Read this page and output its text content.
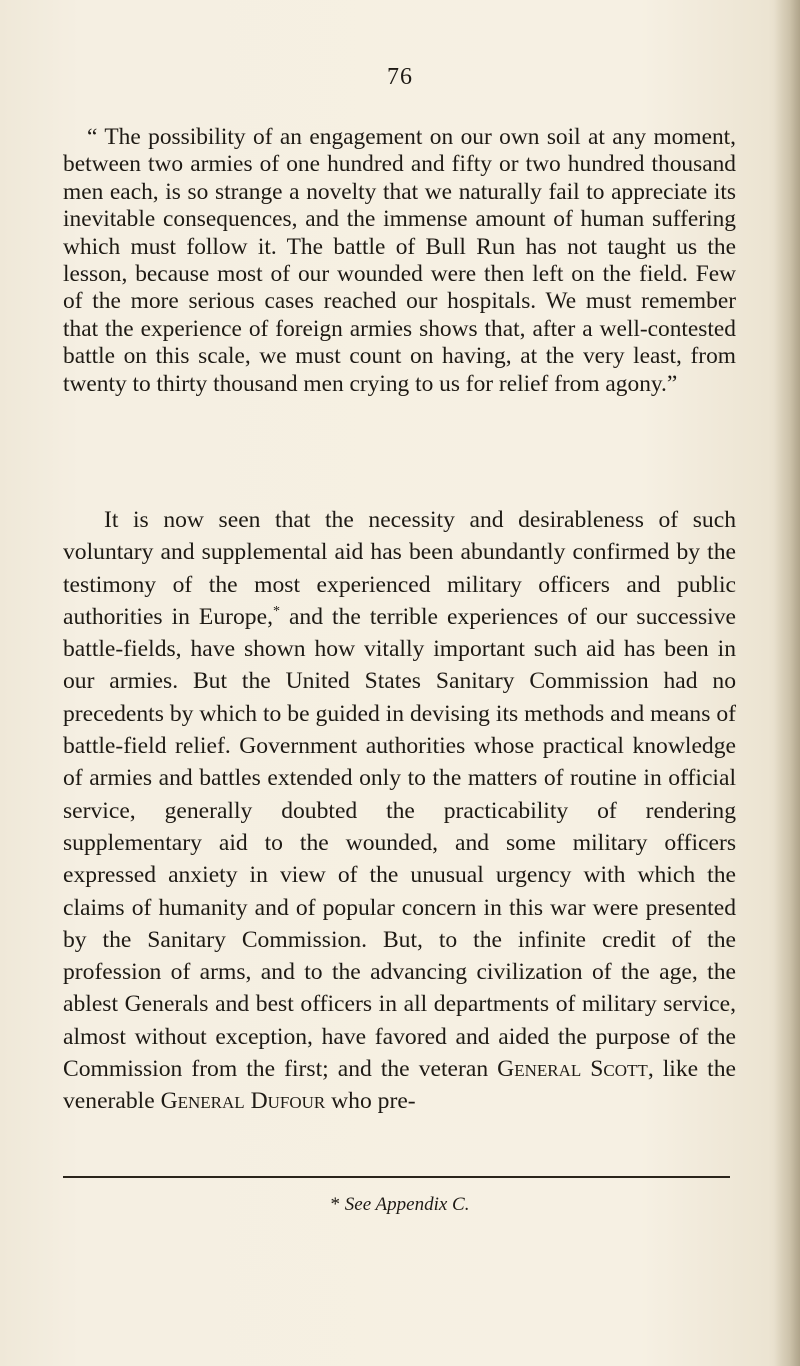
76

“ The possibility of an engagement on our own soil at any moment, between two armies of one hundred and fifty or two hundred thousand men each, is so strange a novelty that we naturally fail to appreciate its inevitable consequences, and the immense amount of human suffering which must follow it. The battle of Bull Run has not taught us the lesson, because most of our wounded were then left on the field. Few of the more serious cases reached our hospitals. We must remember that the experience of foreign armies shows that, after a well-contested battle on this scale, we must count on having, at the very least, from twenty to thirty thousand men crying to us for relief from agony.”

It is now seen that the necessity and desirableness of such voluntary and supplemental aid has been abundantly confirmed by the testimony of the most experienced military officers and public authorities in Europe,* and the terrible experiences of our successive battle-fields, have shown how vitally important such aid has been in our armies. But the United States Sanitary Commission had no precedents by which to be guided in devising its methods and means of battle-field relief. Government authorities whose practical knowledge of armies and battles extended only to the matters of routine in official service, generally doubted the practicability of rendering supplementary aid to the wounded, and some military officers expressed anxiety in view of the unusual urgency with which the claims of humanity and of popular concern in this war were presented by the Sanitary Commission. But, to the infinite credit of the profession of arms, and to the advancing civilization of the age, the ablest Generals and best officers in all departments of military service, almost without exception, have favored and aided the purpose of the Commission from the first; and the veteran General Scott, like the venerable General Dufour who pre-

* See Appendix C.
